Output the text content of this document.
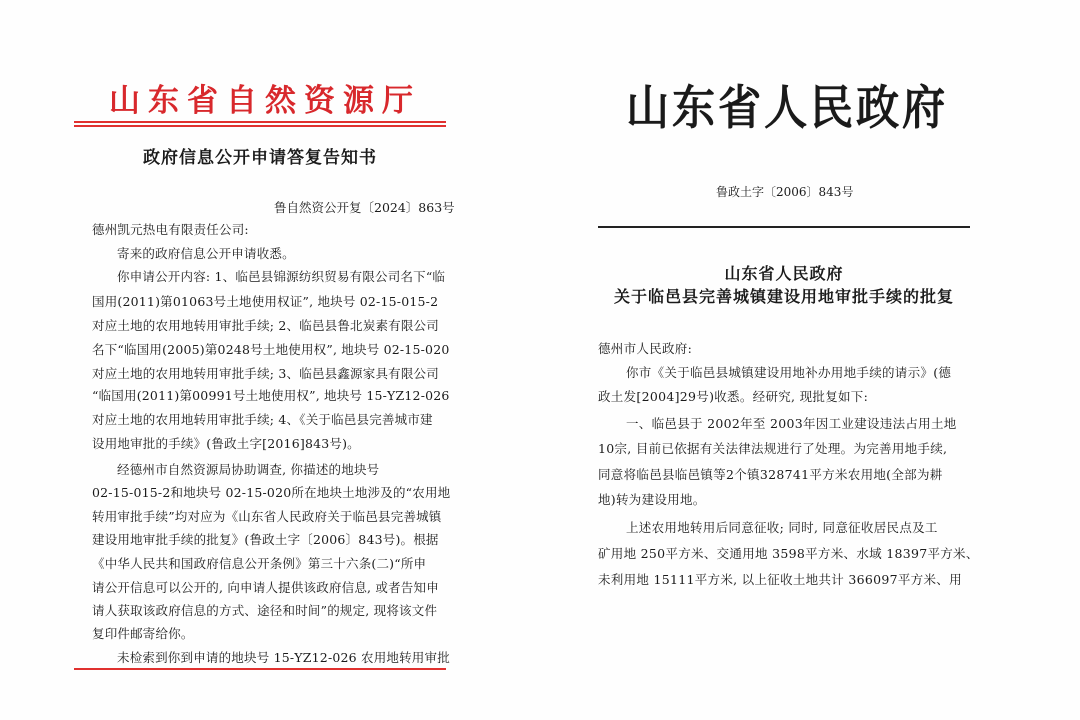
山东省自然资源厅
政府信息公开申请答复告知书
鲁自然资公开复〔2024〕863号
德州凯元热电有限责任公司:
寄来的政府信息公开申请收悉。
你申请公开内容: 1、临邑县锦源纺织贸易有限公司名下“临
国用(2011)第01063号土地使用权证”, 地块号 02-15-015-2
对应土地的农用地转用审批手续; 2、临邑县鲁北炭素有限公司
名下“临国用(2005)第0248号土地使用权”, 地块号 02-15-020
对应土地的农用地转用审批手续; 3、临邑县鑫源家具有限公司
“临国用(2011)第00991号土地使用权”, 地块号 15-YZ12-026
对应土地的农用地转用审批手续; 4、《关于临邑县完善城市建
设用地审批的手续》(鲁政土字[2016]843号)。
经德州市自然资源局协助调查, 你描述的地块号
02-15-015-2和地块号 02-15-020所在地块土地涉及的“农用地
转用审批手续”均对应为《山东省人民政府关于临邑县完善城镇
建设用地审批手续的批复》(鲁政土字〔2006〕843号)。根据
《中华人民共和国政府信息公开条例》第三十六条(二)“所申
请公开信息可以公开的, 向申请人提供该政府信息, 或者告知申
请人获取该政府信息的方式、途径和时间”的规定, 现将该文件
复印件邮寄给你。
未检索到你到申请的地块号 15-YZ12-026 农用地转用审批
山东省人民政府
鲁政土字〔2006〕843号
山东省人民政府
关于临邑县完善城镇建设用地审批手续的批复
德州市人民政府:
你市《关于临邑县城镇建设用地补办用地手续的请示》(德
政土发[2004]29号)收悉。经研究, 现批复如下:
一、临邑县于 2002年至 2003年因工业建设违法占用土地
10宗, 目前已依据有关法律法规进行了处理。为完善用地手续,
同意将临邑县临邑镇等2个镇328741平方米农用地(全部为耕
地)转为建设用地。
上述农用地转用后同意征收; 同时, 同意征收居民点及工
矿用地 250平方米、交通用地 3598平方米、水域 18397平方米、
未利用地 15111平方米, 以上征收土地共计 366097平方米、用
